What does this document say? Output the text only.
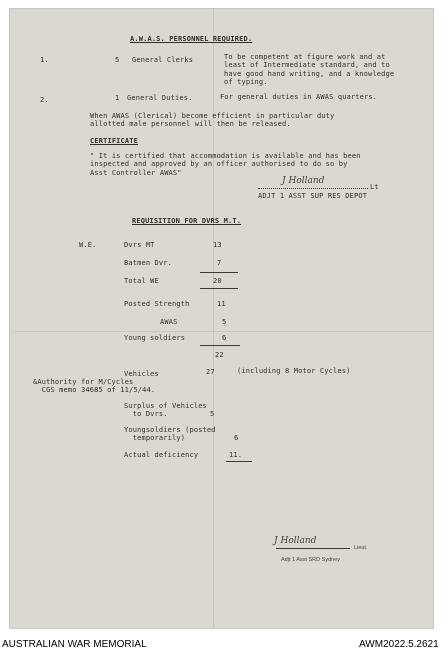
A.W.A.S. PERSONNEL REQUIRED.
1.	5 General Clerks	To be competent at figure work and at
least of Intermediate standard, and to
have good hand writing, and a knowledge
of typing.
2.	1 General Duties.	For general duties in AWAS quarters.
When AWAS (Clerical) become efficient in particular duty
allotted male personnel will then be released.
CERTIFICATE
" It is certified that accommodation is available and has been
inspected and approved by an officer authorised to do so by
Asst Controller AWAS"
J Holland
Lt
ADJT 1 ASST SUP RES DEPOT
REQUISITION FOR DVRS M.T.
W.E.	Dvrs MT	13
Batmen Dvr.	7
Total WE	20
Posted Strength	11
AWAS	5
Young soldiers	6
22
Vehicles	27	(including 8 Motor Cycles)
&Authority for M/Cycles
CGS memo 34685 of 11/5/44.
Surplus of Vehicles
to Dvrs.	5
Youngsoldiers (posted
temporarily)	6
Actual deficiency	11.
J Holland
Lieut.
Adjt 1 Asst SRD Sydney
AUSTRALIAN WAR MEMORIAL	AWM2022.5.2621
